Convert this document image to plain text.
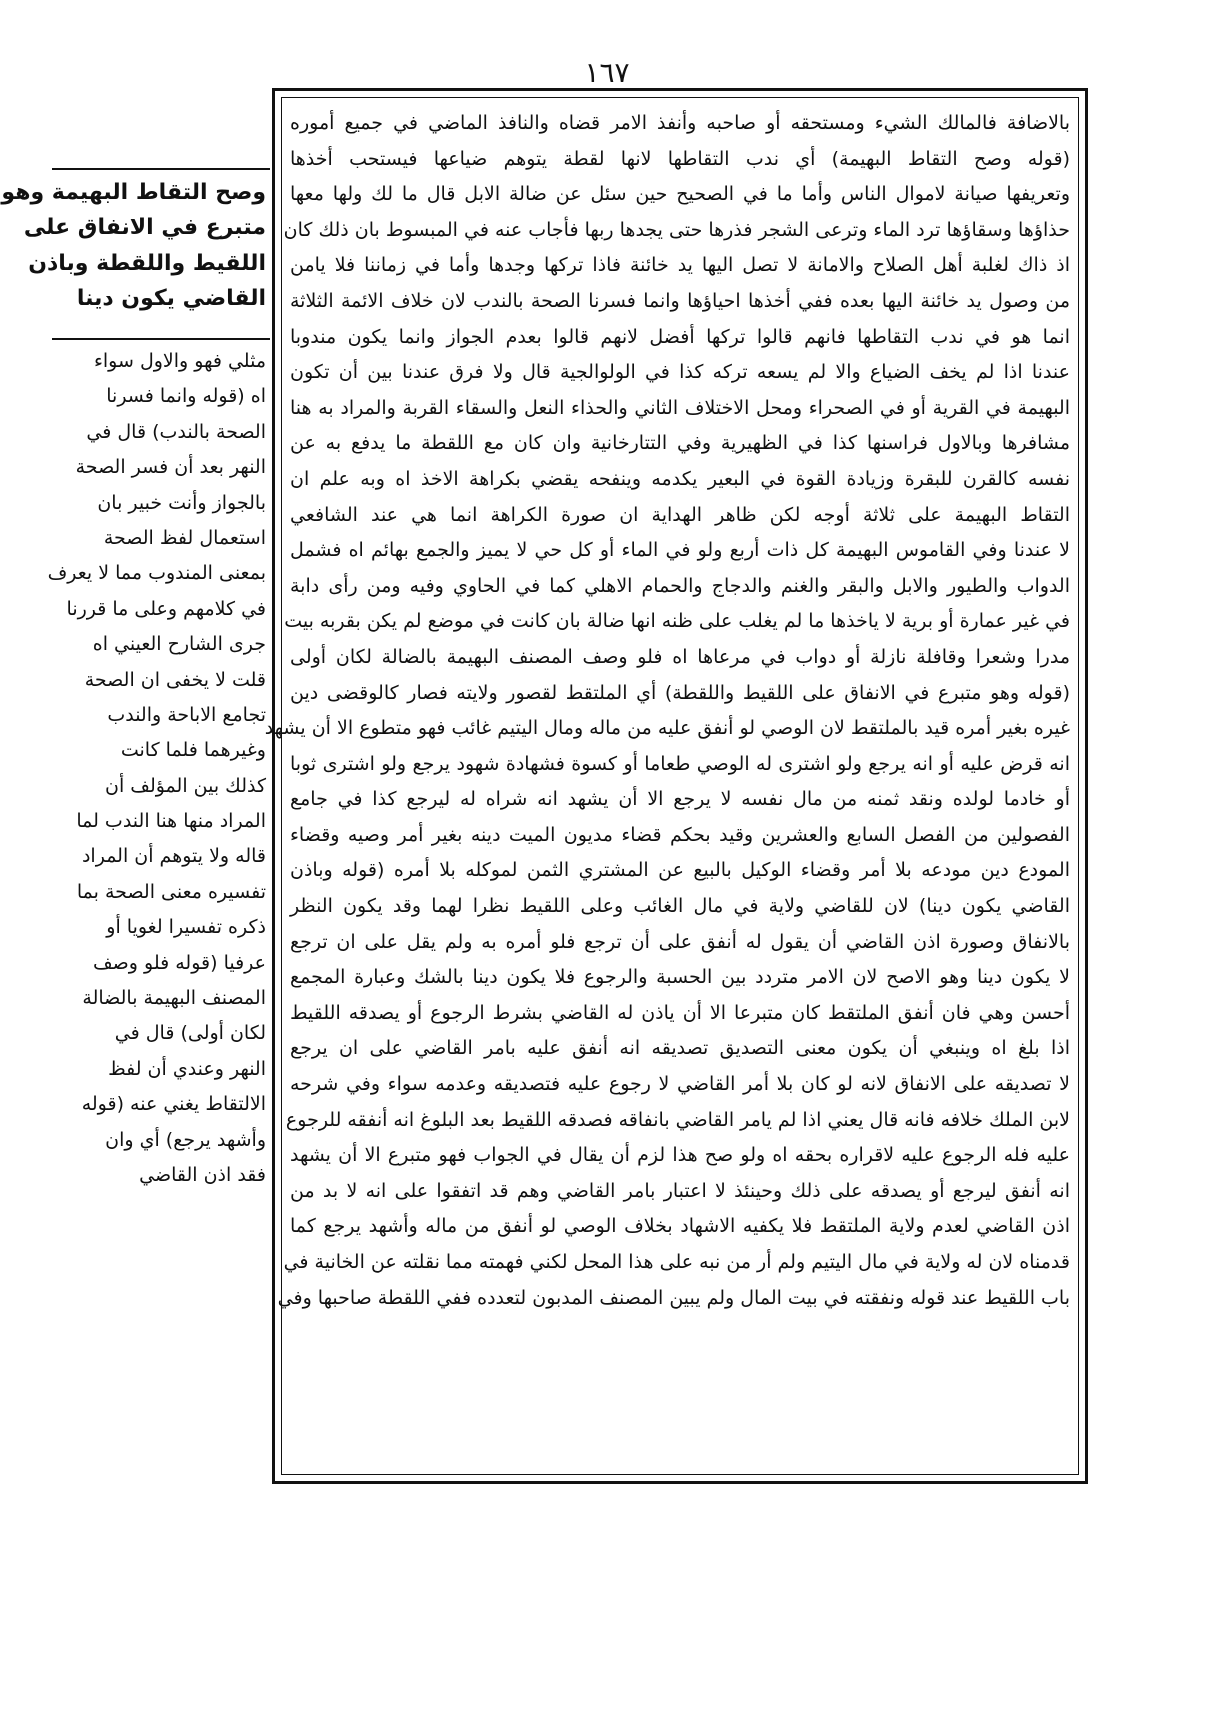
١٦٧
وصح التقاط البهيمة وهو
متبرع في الانفاق على
اللقيط واللقطة وباذن
القاضي يكون دينا
مثلي فهو والاول سواء
اه (قوله وانما فسرنا
الصحة بالندب) قال في
النهر بعد أن فسر الصحة
بالجواز وأنت خبير بان
استعمال لفظ الصحة
بمعنى المندوب مما لا يعرف
في كلامهم وعلى ما قررنا
جرى الشارح العيني اه
قلت لا يخفى ان الصحة
تجامع الاباحة والندب
وغيرهما فلما كانت
كذلك بين المؤلف أن
المراد منها هنا الندب لما
قاله ولا يتوهم أن المراد
تفسيره معنى الصحة بما
ذكره تفسيرا لغويا أو
عرفيا (قوله فلو وصف
المصنف البهيمة بالضالة
لكان أولى) قال في
النهر وعندي أن لفظ
الالتقاط يغني عنه (قوله
وأشهد يرجع) أي وان
فقد اذن القاضي
بالاضافة فالمالك الشيء ومستحقه أو صاحبه وأنفذ الامر قضاه والنافذ الماضي في جميع أموره
(قوله وصح التقاط البهيمة) أي ندب التقاطها لانها لقطة يتوهم ضياعها فيستحب أخذها
وتعريفها صيانة لاموال الناس وأما ما في الصحيح حين سئل عن ضالة الابل قال ما لك ولها معها
حذاؤها وسقاؤها ترد الماء وترعى الشجر فذرها حتى يجدها ربها فأجاب عنه في المبسوط بان ذلك كان
اذ ذاك لغلبة أهل الصلاح والامانة لا تصل اليها يد خائنة فاذا تركها وجدها وأما في زماننا فلا يامن
من وصول يد خائنة اليها بعده ففي أخذها احياؤها وانما فسرنا الصحة بالندب لان خلاف الائمة الثلاثة
انما هو في ندب التقاطها فانهم قالوا تركها أفضل لانهم قالوا بعدم الجواز وانما يكون مندوبا
عندنا اذا لم يخف الضياع والا لم يسعه تركه كذا في الولوالجية قال ولا فرق عندنا بين أن تكون
البهيمة في القرية أو في الصحراء ومحل الاختلاف الثاني والحذاء النعل والسقاء القربة والمراد به هنا
مشافرها وبالاول فراسنها كذا في الظهيرية وفي التتارخانية وان كان مع اللقطة ما يدفع به عن
نفسه كالقرن للبقرة وزيادة القوة في البعير يكدمه وينفحه يقضي بكراهة الاخذ اه وبه علم ان
التقاط البهيمة على ثلاثة أوجه لكن ظاهر الهداية ان صورة الكراهة انما هي عند الشافعي
لا عندنا وفي القاموس البهيمة كل ذات أربع ولو في الماء أو كل حي لا يميز والجمع بهائم اه فشمل
الدواب والطيور والابل والبقر والغنم والدجاج والحمام الاهلي كما في الحاوي وفيه ومن رأى دابة
في غير عمارة أو برية لا ياخذها ما لم يغلب على ظنه انها ضالة بان كانت في موضع لم يكن بقربه بيت
مدرا وشعرا وقافلة نازلة أو دواب في مرعاها اه فلو وصف المصنف البهيمة بالضالة لكان أولى
(قوله وهو متبرع في الانفاق على اللقيط واللقطة) أي الملتقط لقصور ولايته فصار كالوقضى دين
غيره بغير أمره قيد بالملتقط لان الوصي لو أنفق عليه من ماله ومال اليتيم غائب فهو متطوع الا أن يشهد
انه قرض عليه أو انه يرجع ولو اشترى له الوصي طعاما أو كسوة فشهادة شهود يرجع ولو اشترى ثوبا
أو خادما لولده ونقد ثمنه من مال نفسه لا يرجع الا أن يشهد انه شراه له ليرجع كذا في جامع
الفصولين من الفصل السابع والعشرين وقيد بحكم قضاء مديون الميت دينه بغير أمر وصيه وقضاء
المودع دين مودعه بلا أمر وقضاء الوكيل بالبيع عن المشتري الثمن لموكله بلا أمره (قوله وباذن
القاضي يكون دينا) لان للقاضي ولاية في مال الغائب وعلى اللقيط نظرا لهما وقد يكون النظر
بالانفاق وصورة اذن القاضي أن يقول له أنفق على أن ترجع فلو أمره به ولم يقل على ان ترجع
لا يكون دينا وهو الاصح لان الامر متردد بين الحسبة والرجوع فلا يكون دينا بالشك وعبارة المجمع
أحسن وهي فان أنفق الملتقط كان متبرعا الا أن ياذن له القاضي بشرط الرجوع أو يصدقه اللقيط
اذا بلغ اه وينبغي أن يكون معنى التصديق تصديقه انه أنفق عليه بامر القاضي على ان يرجع
لا تصديقه على الانفاق لانه لو كان بلا أمر القاضي لا رجوع عليه فتصديقه وعدمه سواء وفي شرحه
لابن الملك خلافه فانه قال يعني اذا لم يامر القاضي بانفاقه فصدقه اللقيط بعد البلوغ انه أنفقه للرجوع
عليه فله الرجوع عليه لاقراره بحقه اه ولو صح هذا لزم أن يقال في الجواب فهو متبرع الا أن يشهد
انه أنفق ليرجع أو يصدقه على ذلك وحينئذ لا اعتبار بامر القاضي وهم قد اتفقوا على انه لا بد من
اذن القاضي لعدم ولاية الملتقط فلا يكفيه الاشهاد بخلاف الوصي لو أنفق من ماله وأشهد يرجع كما
قدمناه لان له ولاية في مال اليتيم ولم أر من نبه على هذا المحل لكني فهمته مما نقلته عن الخانية في
باب اللقيط عند قوله ونفقته في بيت المال ولم يبين المصنف المدبون لتعدده ففي اللقطة صاحبها وفي
